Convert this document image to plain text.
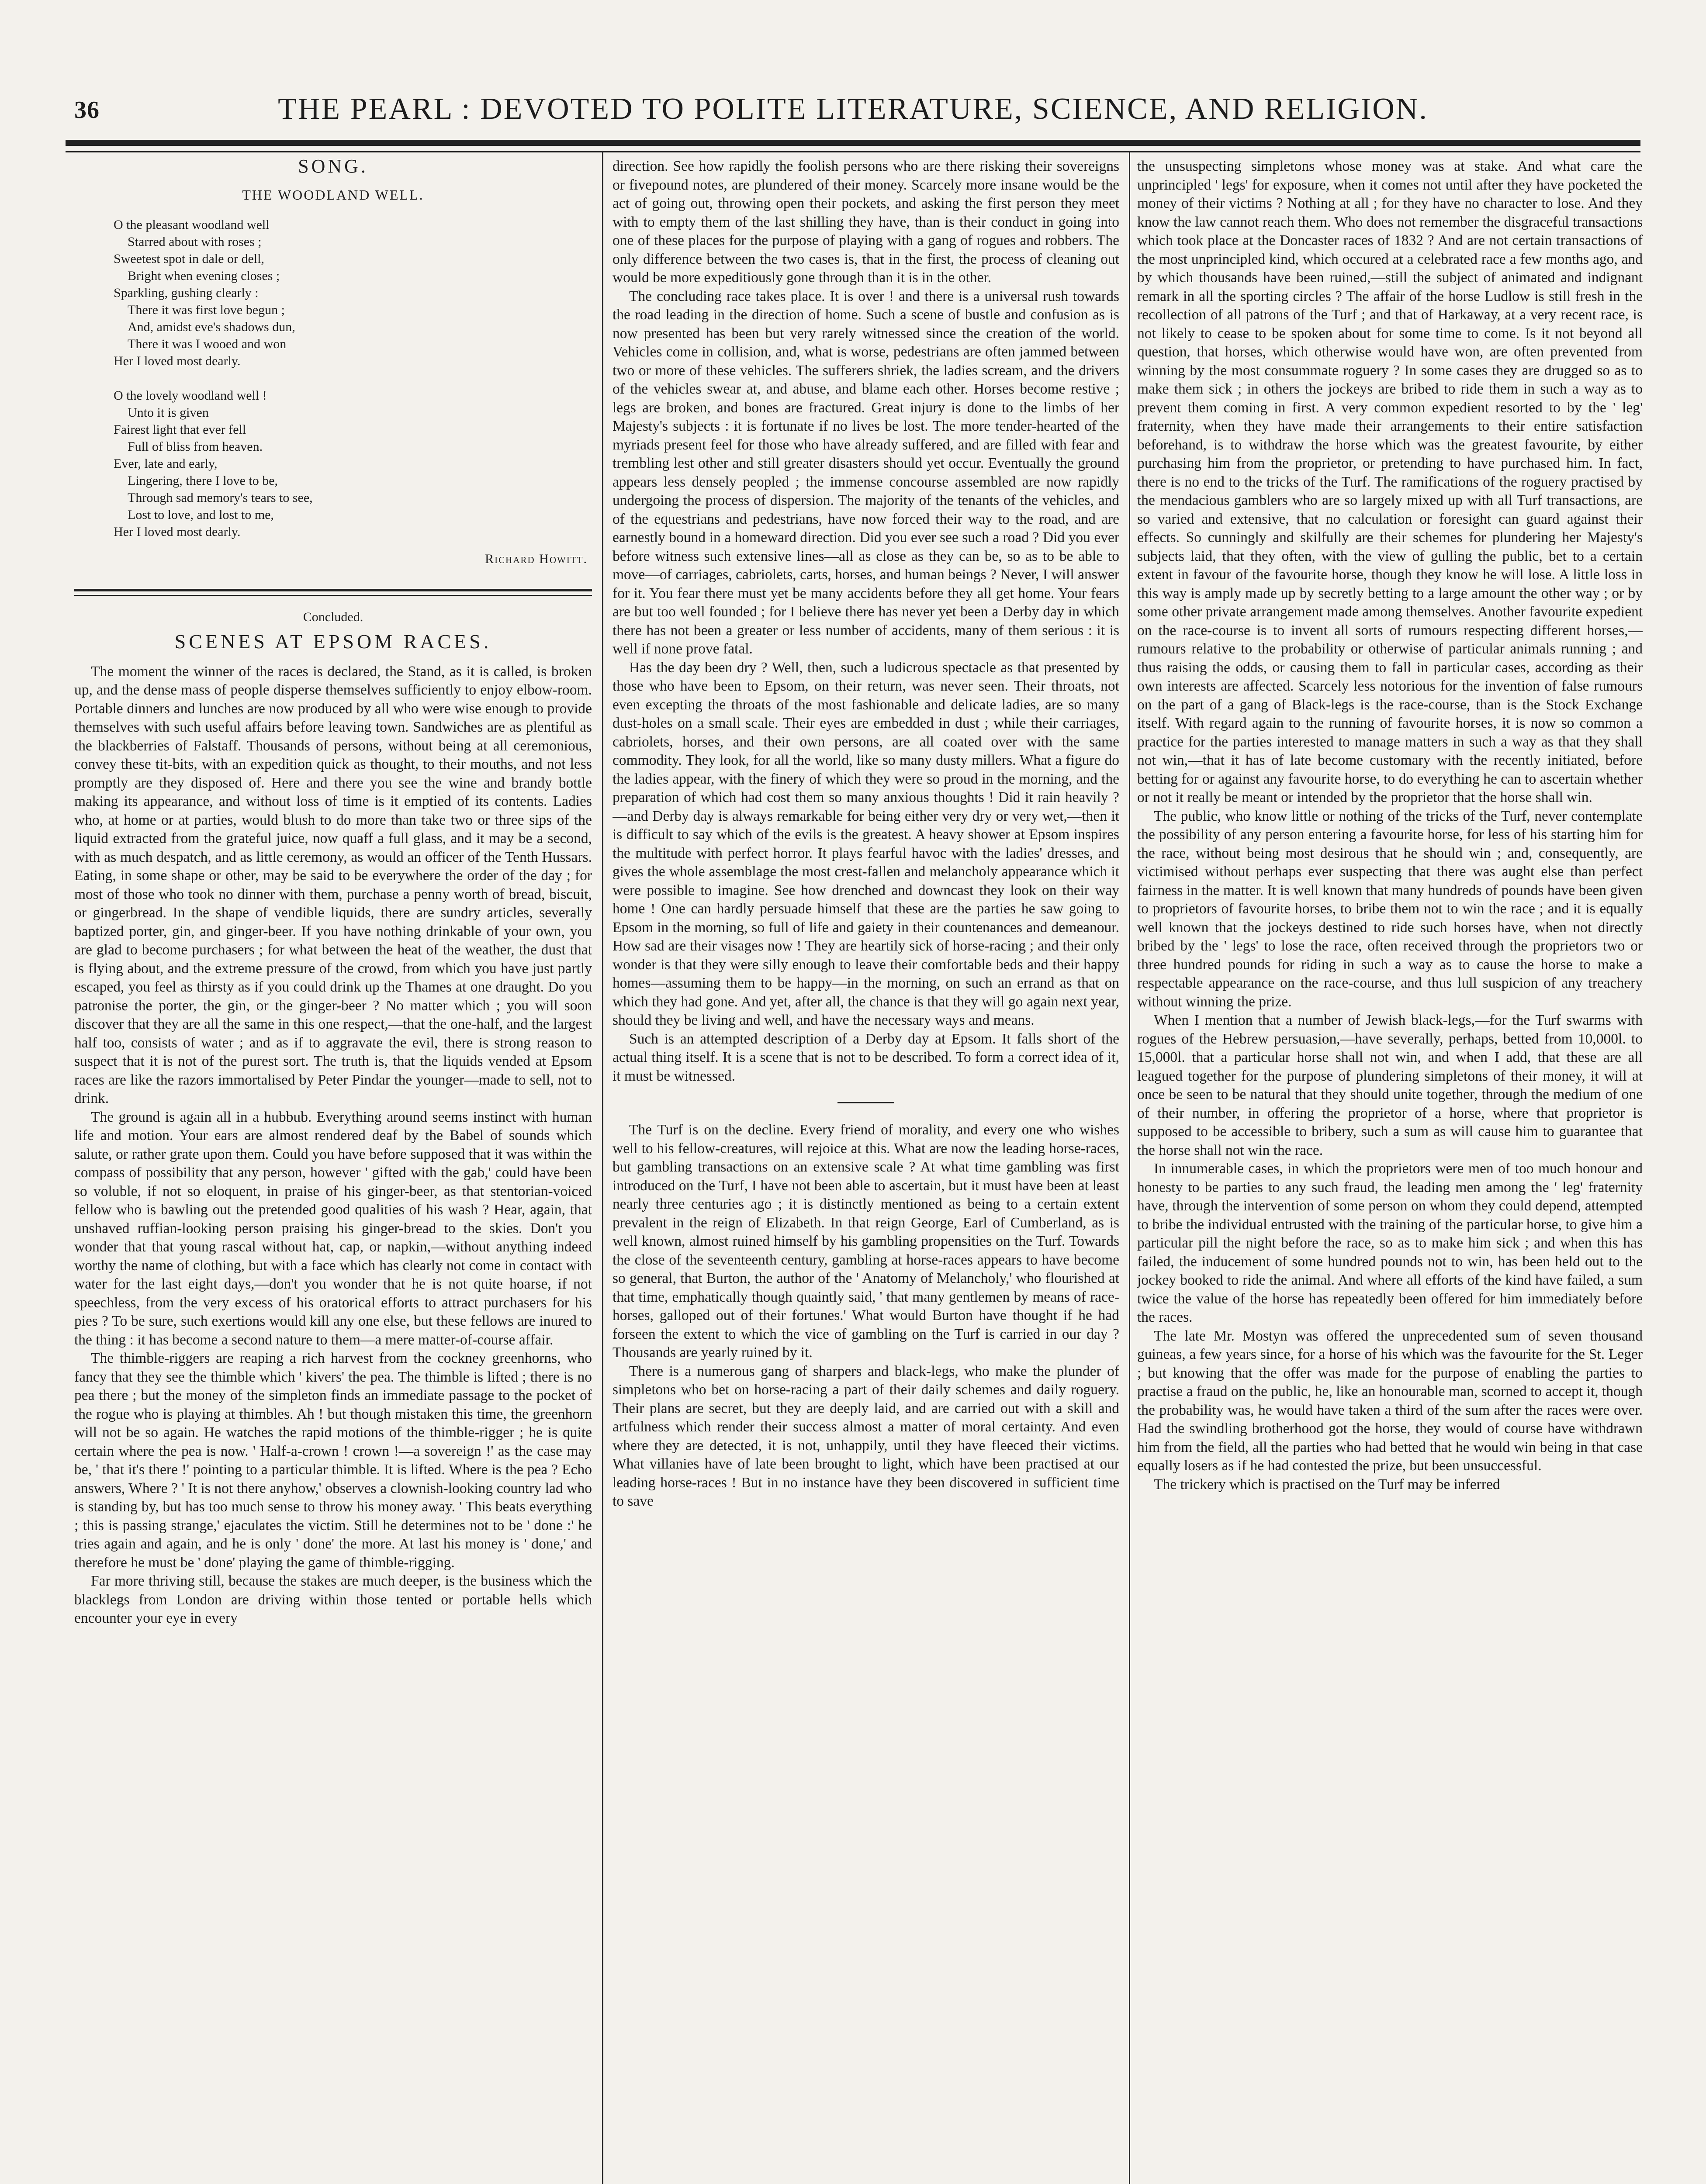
36	THE PEARL : DEVOTED TO POLITE LITERATURE, SCIENCE, AND RELIGION.
SONG.
THE WOODLAND WELL.
O the pleasant woodland well
Starred about with roses ;
Sweetest spot in dale or dell,
Bright when evening closes ;
Sparkling, gushing clearly :
There it was first love begun ;
And, amidst eve's shadows dun,
There it was I wooed and won
Her I loved most dearly.
O the lovely woodland well !
Unto it is given
Fairest light that ever fell
Full of bliss from heaven.
Ever, late and early,
Lingering, there I love to be,
Through sad memory's tears to see,
Lost to love, and lost to me,
Her I loved most dearly.
Richard Howitt.
Concluded.
SCENES AT EPSOM RACES.

The moment the winner of the races is declared, the Stand, as it is called, is broken up, and the dense mass of people disperse themselves sufficiently to enjoy elbow-room. Portable dinners and lunches are now produced by all who were wise enough to provide themselves with such useful affairs before leaving town. Sandwiches are as plentiful as the blackberries of Falstaff. Thousands of persons, without being at all ceremonious, convey these tit-bits, with an expedition quick as thought, to their mouths, and not less promptly are they disposed of. Here and there you see the wine and brandy bottle making its appearance, and without loss of time is it emptied of its contents. Ladies who, at home or at parties, would blush to do more than take two or three sips of the liquid extracted from the grateful juice, now quaff a full glass, and it may be a second, with as much despatch, and as little ceremony, as would an officer of the Tenth Hussars. Eating, in some shape or other, may be said to be everywhere the order of the day ; for most of those who took no dinner with them, purchase a penny worth of bread, biscuit, or gingerbread. In the shape of vendible liquids, there are sundry articles, severally baptized porter, gin, and ginger-beer. If you have nothing drinkable of your own, you are glad to become purchasers ; for what between the heat of the weather, the dust that is flying about, and the extreme pressure of the crowd, from which you have just partly escaped, you feel as thirsty as if you could drink up the Thames at one draught. Do you patronise the porter, the gin, or the ginger-beer ? No matter which ; you will soon discover that they are all the same in this one respect,—that the one-half, and the largest half too, consists of water ; and as if to aggravate the evil, there is strong reason to suspect that it is not of the purest sort. The truth is, that the liquids vended at Epsom races are like the razors immortalised by Peter Pindar the younger—made to sell, not to drink.

The ground is again all in a hubbub. Everything around seems instinct with human life and motion. Your ears are almost rendered deaf by the Babel of sounds which salute, or rather grate upon them. Could you have before supposed that it was within the compass of possibility that any person, however ' gifted with the gab,' could have been so voluble, if not so eloquent, in praise of his ginger-beer, as that stentorian-voiced fellow who is bawling out the pretended good qualities of his wash ? Hear, again, that unshaved ruffian-looking person praising his ginger-bread to the skies. Don't you wonder that that young rascal without hat, cap, or napkin,—without anything indeed worthy the name of clothing, but with a face which has clearly not come in contact with water for the last eight days,—don't you wonder that he is not quite hoarse, if not speechless, from the very excess of his oratorical efforts to attract purchasers for his pies ? To be sure, such exertions would kill any one else, but these fellows are inured to the thing : it has become a second nature to them—a mere matter-of-course affair.

The thimble-riggers are reaping a rich harvest from the cockney greenhorns, who fancy that they see the thimble which ' kivers' the pea. The thimble is lifted ; there is no pea there ; but the money of the simpleton finds an immediate passage to the pocket of the rogue who is playing at thimbles. Ah ! but though mistaken this time, the greenhorn will not be so again. He watches the rapid motions of the thimble-rigger ; he is quite certain where the pea is now. ' Half-a-crown ! crown !—a sovereign !' as the case may be, ' that it's there !' pointing to a particular thimble. It is lifted. Where is the pea ? Echo answers, Where ? ' It is not there anyhow,' observes a clownish-looking country lad who is standing by, but has too much sense to throw his money away. ' This beats everything ; this is passing strange,' ejaculates the victim. Still he determines not to be ' done :' he tries again and again, and he is only ' done' the more. At last his money is ' done,' and therefore he must be ' done' playing the game of thimble-rigging.

Far more thriving still, because the stakes are much deeper, is the business which the blacklegs from London are driving within those tented or portable hells which encounter your eye in every

direction. See how rapidly the foolish persons who are there risking their sovereigns or fivepound notes, are plundered of their money. Scarcely more insane would be the act of going out, throwing open their pockets, and asking the first person they meet with to empty them of the last shilling they have, than is their conduct in going into one of these places for the purpose of playing with a gang of rogues and robbers. The only difference between the two cases is, that in the first, the process of cleaning out would be more expeditiously gone through than it is in the other.

The concluding race takes place. It is over ! and there is a universal rush towards the road leading in the direction of home. Such a scene of bustle and confusion as is now presented has been but very rarely witnessed since the creation of the world. Vehicles come in collision, and, what is worse, pedestrians are often jammed between two or more of these vehicles. The sufferers shriek, the ladies scream, and the drivers of the vehicles swear at, and abuse, and blame each other. Horses become restive ; legs are broken, and bones are fractured. Great injury is done to the limbs of her Majesty's subjects : it is fortunate if no lives be lost. The more tender-hearted of the myriads present feel for those who have already suffered, and are filled with fear and trembling lest other and still greater disasters should yet occur. Eventually the ground appears less densely peopled ; the immense concourse assembled are now rapidly undergoing the process of dispersion. The majority of the tenants of the vehicles, and of the equestrians and pedestrians, have now forced their way to the road, and are earnestly bound in a homeward direction. Did you ever see such a road ? Did you ever before witness such extensive lines—all as close as they can be, so as to be able to move—of carriages, cabriolets, carts, horses, and human beings ? Never, I will answer for it. You fear there must yet be many accidents before they all get home. Your fears are but too well founded ; for I believe there has never yet been a Derby day in which there has not been a greater or less number of accidents, many of them serious : it is well if none prove fatal.

Has the day been dry ? Well, then, such a ludicrous spectacle as that presented by those who have been to Epsom, on their return, was never seen. Their throats, not even excepting the throats of the most fashionable and delicate ladies, are so many dust-holes on a small scale. Their eyes are embedded in dust ; while their carriages, cabriolets, horses, and their own persons, are all coated over with the same commodity. They look, for all the world, like so many dusty millers. What a figure do the ladies appear, with the finery of which they were so proud in the morning, and the preparation of which had cost them so many anxious thoughts ! Did it rain heavily ?—and Derby day is always remarkable for being either very dry or very wet,—then it is difficult to say which of the evils is the greatest. A heavy shower at Epsom inspires the multitude with perfect horror. It plays fearful havoc with the ladies' dresses, and gives the whole assemblage the most crest-fallen and melancholy appearance which it were possible to imagine. See how drenched and downcast they look on their way home ! One can hardly persuade himself that these are the parties he saw going to Epsom in the morning, so full of life and gaiety in their countenances and demeanour. How sad are their visages now ! They are heartily sick of horse-racing ; and their only wonder is that they were silly enough to leave their comfortable beds and their happy homes—assuming them to be happy—in the morning, on such an errand as that on which they had gone. And yet, after all, the chance is that they will go again next year, should they be living and well, and have the necessary ways and means.

Such is an attempted description of a Derby day at Epsom. It falls short of the actual thing itself. It is a scene that is not to be described. To form a correct idea of it, it must be witnessed.

The Turf is on the decline. Every friend of morality, and every one who wishes well to his fellow-creatures, will rejoice at this. What are now the leading horse-races, but gambling transactions on an extensive scale ? At what time gambling was first introduced on the Turf, I have not been able to ascertain, but it must have been at least nearly three centuries ago ; it is distinctly mentioned as being to a certain extent prevalent in the reign of Elizabeth. In that reign George, Earl of Cumberland, as is well known, almost ruined himself by his gambling propensities on the Turf. Towards the close of the seventeenth century, gambling at horse-races appears to have become so general, that Burton, the author of the ' Anatomy of Melancholy,' who flourished at that time, emphatically though quaintly said, ' that many gentlemen by means of race-horses, galloped out of their fortunes.' What would Burton have thought if he had forseen the extent to which the vice of gambling on the Turf is carried in our day ? Thousands are yearly ruined by it.

There is a numerous gang of sharpers and black-legs, who make the plunder of simpletons who bet on horse-racing a part of their daily schemes and daily roguery. Their plans are secret, but they are deeply laid, and are carried out with a skill and artfulness which render their success almost a matter of moral certainty. And even where they are detected, it is not, unhappily, until they have fleeced their victims. What villanies have of late been brought to light, which have been practised at our leading horse-races ! But in no instance have they been discovered in sufficient time to save

the unsuspecting simpletons whose money was at stake. And what care the unprincipled ' legs' for exposure, when it comes not until after they have pocketed the money of their victims ? Nothing at all ; for they have no character to lose. And they know the law cannot reach them. Who does not remember the disgraceful transactions which took place at the Doncaster races of 1832 ? And are not certain transactions of the most unprincipled kind, which occured at a celebrated race a few months ago, and by which thousands have been ruined,—still the subject of animated and indignant remark in all the sporting circles ? The affair of the horse Ludlow is still fresh in the recollection of all patrons of the Turf ; and that of Harkaway, at a very recent race, is not likely to cease to be spoken about for some time to come. Is it not beyond all question, that horses, which otherwise would have won, are often prevented from winning by the most consummate roguery ? In some cases they are drugged so as to make them sick ; in others the jockeys are bribed to ride them in such a way as to prevent them coming in first. A very common expedient resorted to by the ' leg' fraternity, when they have made their arrangements to their entire satisfaction beforehand, is to withdraw the horse which was the greatest favourite, by either purchasing him from the proprietor, or pretending to have purchased him. In fact, there is no end to the tricks of the Turf. The ramifications of the roguery practised by the mendacious gamblers who are so largely mixed up with all Turf transactions, are so varied and extensive, that no calculation or foresight can guard against their effects. So cunningly and skilfully are their schemes for plundering her Majesty's subjects laid, that they often, with the view of gulling the public, bet to a certain extent in favour of the favourite horse, though they know he will lose. A little loss in this way is amply made up by secretly betting to a large amount the other way ; or by some other private arrangement made among themselves. Another favourite expedient on the race-course is to invent all sorts of rumours respecting different horses,—rumours relative to the probability or otherwise of particular animals running ; and thus raising the odds, or causing them to fall in particular cases, according as their own interests are affected. Scarcely less notorious for the invention of false rumours on the part of a gang of Black-legs is the race-course, than is the Stock Exchange itself. With regard again to the running of favourite horses, it is now so common a practice for the parties interested to manage matters in such a way as that they shall not win,—that it has of late become customary with the recently initiated, before betting for or against any favourite horse, to do everything he can to ascertain whether or not it really be meant or intended by the proprietor that the horse shall win.

The public, who know little or nothing of the tricks of the Turf, never contemplate the possibility of any person entering a favourite horse, for less of his starting him for the race, without being most desirous that he should win ; and, consequently, are victimised without perhaps ever suspecting that there was aught else than perfect fairness in the matter. It is well known that many hundreds of pounds have been given to proprietors of favourite horses, to bribe them not to win the race ; and it is equally well known that the jockeys destined to ride such horses have, when not directly bribed by the ' legs' to lose the race, often received through the proprietors two or three hundred pounds for riding in such a way as to cause the horse to make a respectable appearance on the race-course, and thus lull suspicion of any treachery without winning the prize.

When I mention that a number of Jewish black-legs,—for the Turf swarms with rogues of the Hebrew persuasion,—have severally, perhaps, betted from 10,000l. to 15,000l. that a particular horse shall not win, and when I add, that these are all leagued together for the purpose of plundering simpletons of their money, it will at once be seen to be natural that they should unite together, through the medium of one of their number, in offering the proprietor of a horse, where that proprietor is supposed to be accessible to bribery, such a sum as will cause him to guarantee that the horse shall not win the race.

In innumerable cases, in which the proprietors were men of too much honour and honesty to be parties to any such fraud, the leading men among the ' leg' fraternity have, through the intervention of some person on whom they could depend, attempted to bribe the individual entrusted with the training of the particular horse, to give him a particular pill the night before the race, so as to make him sick ; and when this has failed, the inducement of some hundred pounds not to win, has been held out to the jockey booked to ride the animal. And where all efforts of the kind have failed, a sum twice the value of the horse has repeatedly been offered for him immediately before the races.

The late Mr. Mostyn was offered the unprecedented sum of seven thousand guineas, a few years since, for a horse of his which was the favourite for the St. Leger ; but knowing that the offer was made for the purpose of enabling the parties to practise a fraud on the public, he, like an honourable man, scorned to accept it, though the probability was, he would have taken a third of the sum after the races were over. Had the swindling brotherhood got the horse, they would of course have withdrawn him from the field, all the parties who had betted that he would win being in that case equally losers as if he had contested the prize, but been unsuccessful.

The trickery which is practised on the Turf may be inferred
